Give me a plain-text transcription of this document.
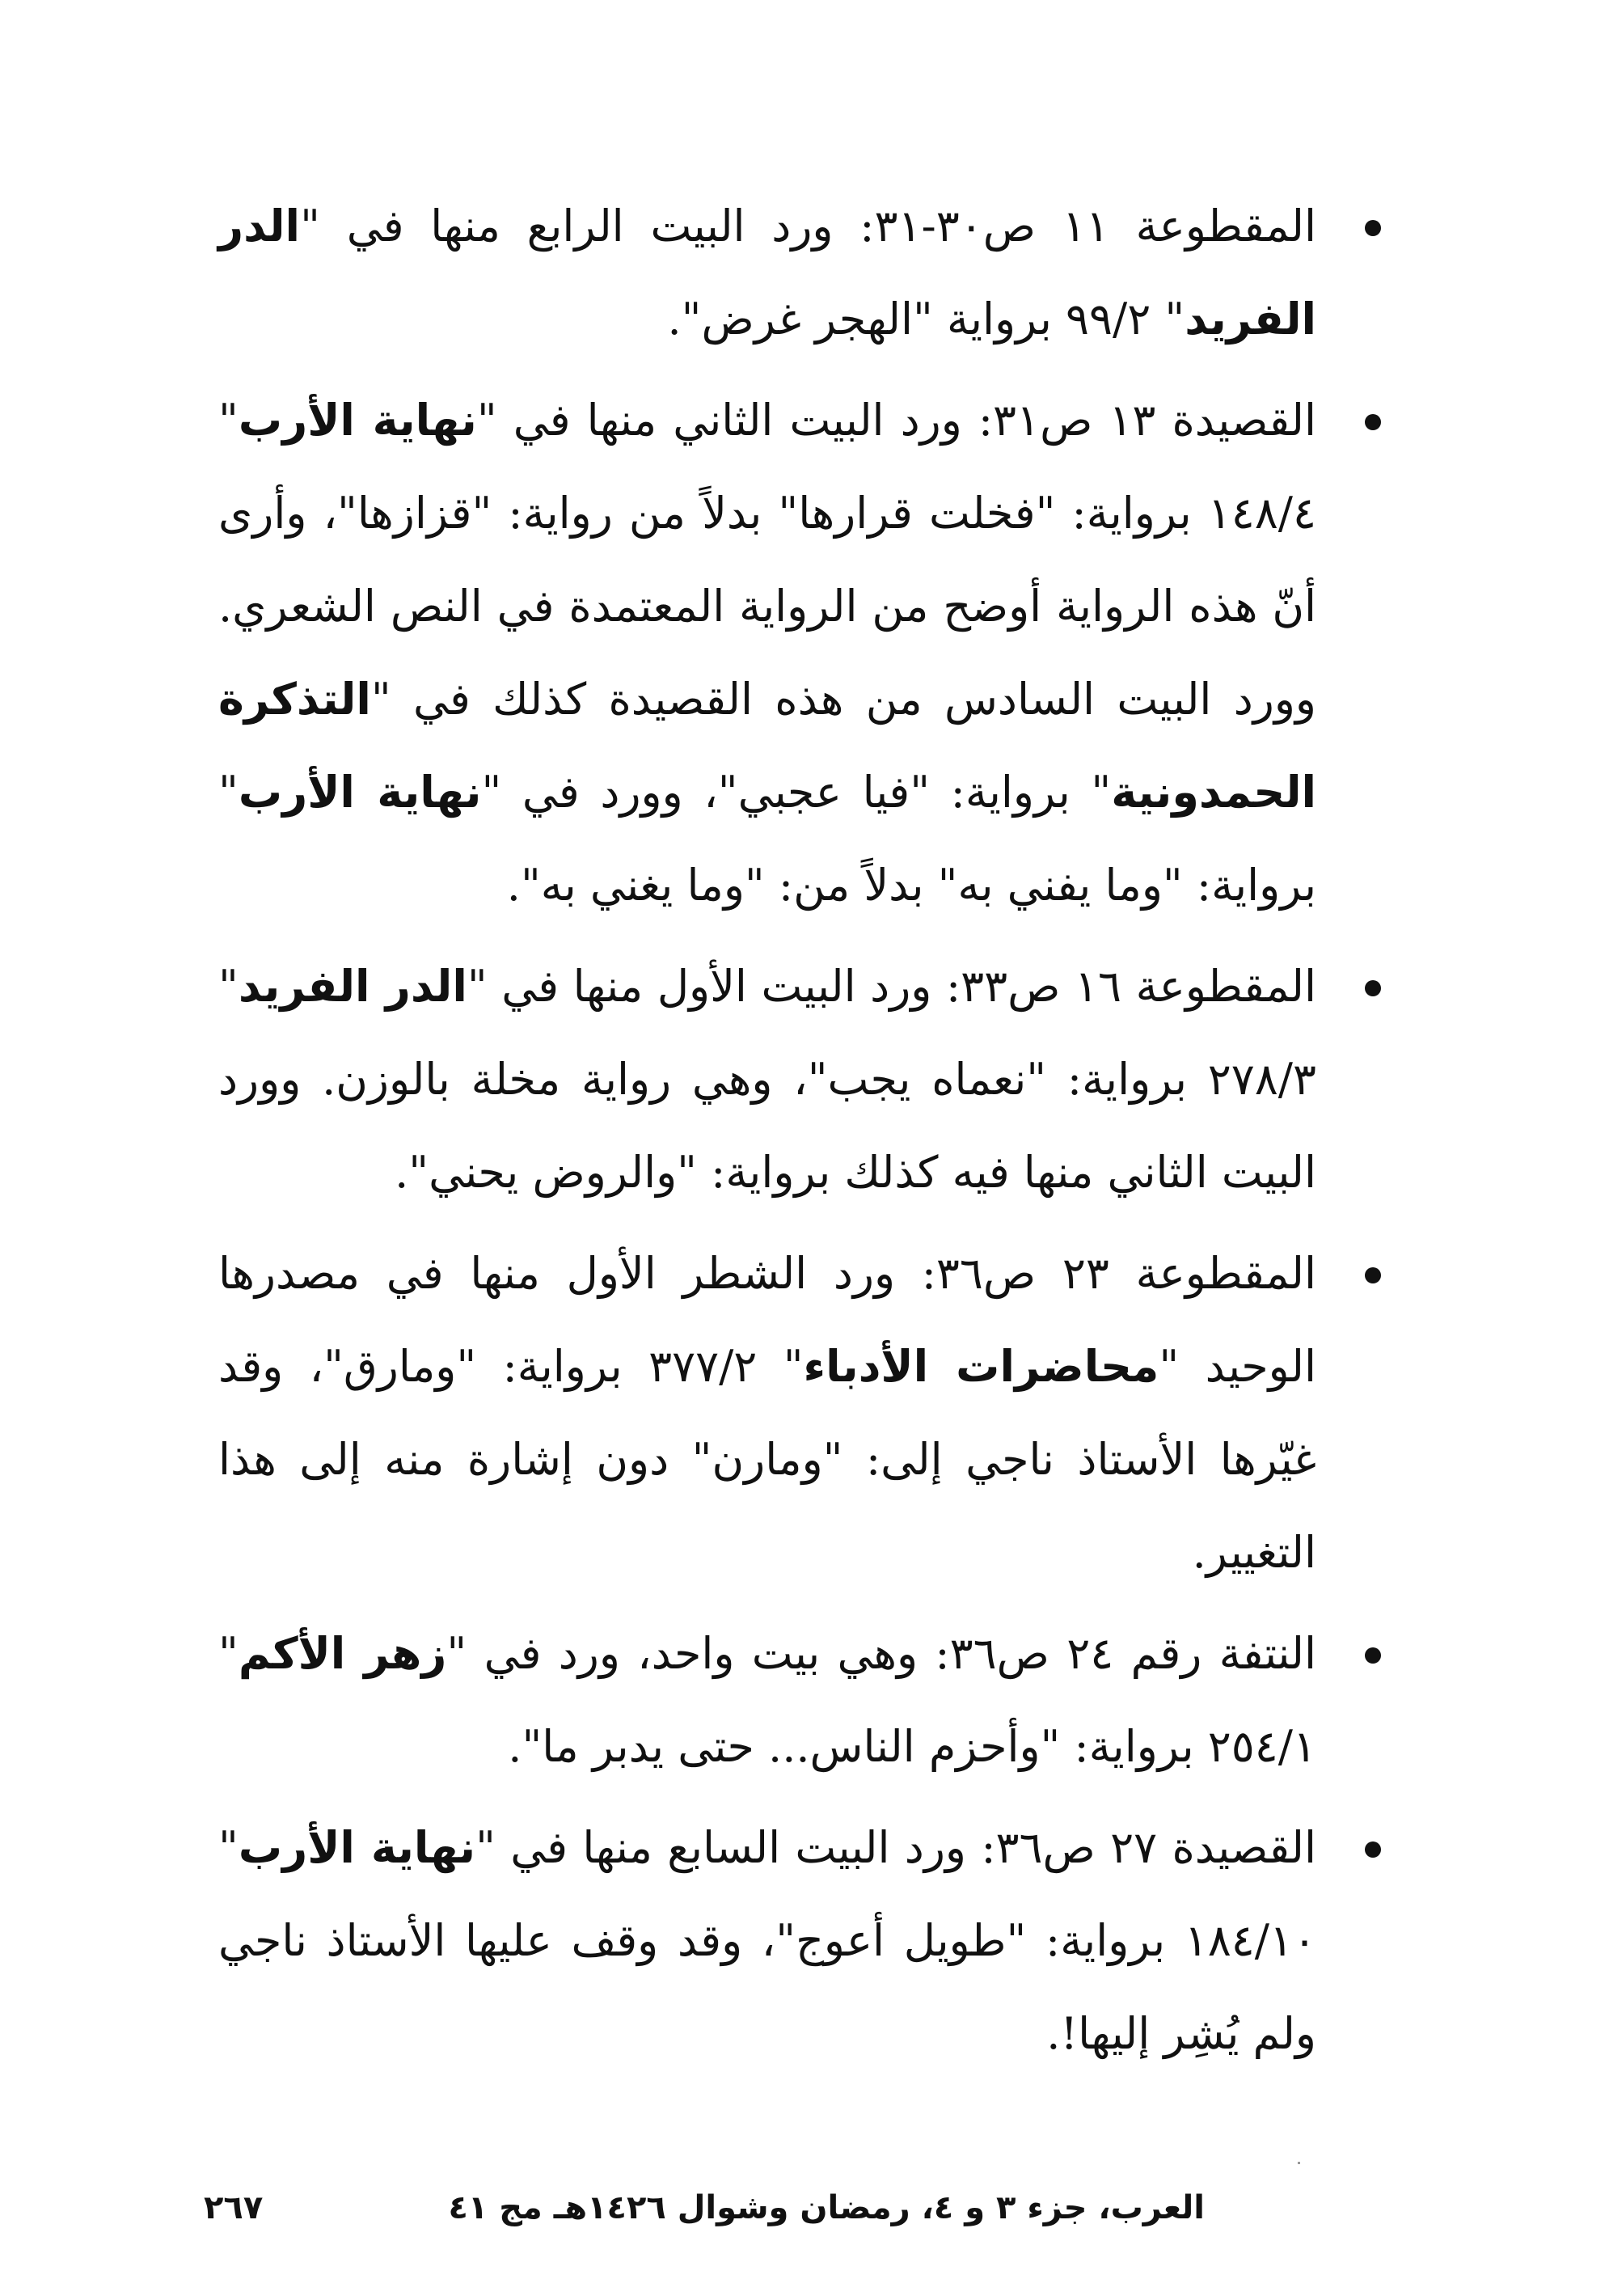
المقطوعة ١١ ص٣٠-٣١: ورد البيت الرابع منها في "الدر الفريد" ٩٩/٢ برواية "الهجر غرض".
القصيدة ١٣ ص٣١: ورد البيت الثاني منها في "نهاية الأرب" ١٤٨/٤ برواية: "فخلت قرارها" بدلاً من رواية: "قزازها"، وأرى أنّ هذه الرواية أوضح من الرواية المعتمدة في النص الشعري. وورد البيت السادس من هذه القصيدة كذلك في "التذكرة الحمدونية" برواية: "فيا عجبي"، وورد في "نهاية الأرب" برواية: "وما يفني به" بدلاً من: "وما يغني به".
المقطوعة ١٦ ص٣٣: ورد البيت الأول منها في "الدر الفريد" ٢٧٨/٣ برواية: "نعماه يجب"، وهي رواية مخلة بالوزن. وورد البيت الثاني منها فيه كذلك برواية: "والروض يحني".
المقطوعة ٢٣ ص٣٦: ورد الشطر الأول منها في مصدرها الوحيد "محاضرات الأدباء" ٣٧٧/٢ برواية: "ومارق"، وقد غيّرها الأستاذ ناجي إلى: "ومارن" دون إشارة منه إلى هذا التغيير.
النتفة رقم ٢٤ ص٣٦: وهي بيت واحد، ورد في "زهر الأكم" ٢٥٤/١ برواية: "وأحزم الناس... حتى يدبر ما".
القصيدة ٢٧ ص٣٦: ورد البيت السابع منها في "نهاية الأرب" ١٨٤/١٠ برواية: "طويل أعوج"، وقد وقف عليها الأستاذ ناجي ولم يُشِر إليها!.
العرب، جزء ٣ و ٤، رمضان وشوال ١٤٢٦هـ مج ٤١
٢٦٧
